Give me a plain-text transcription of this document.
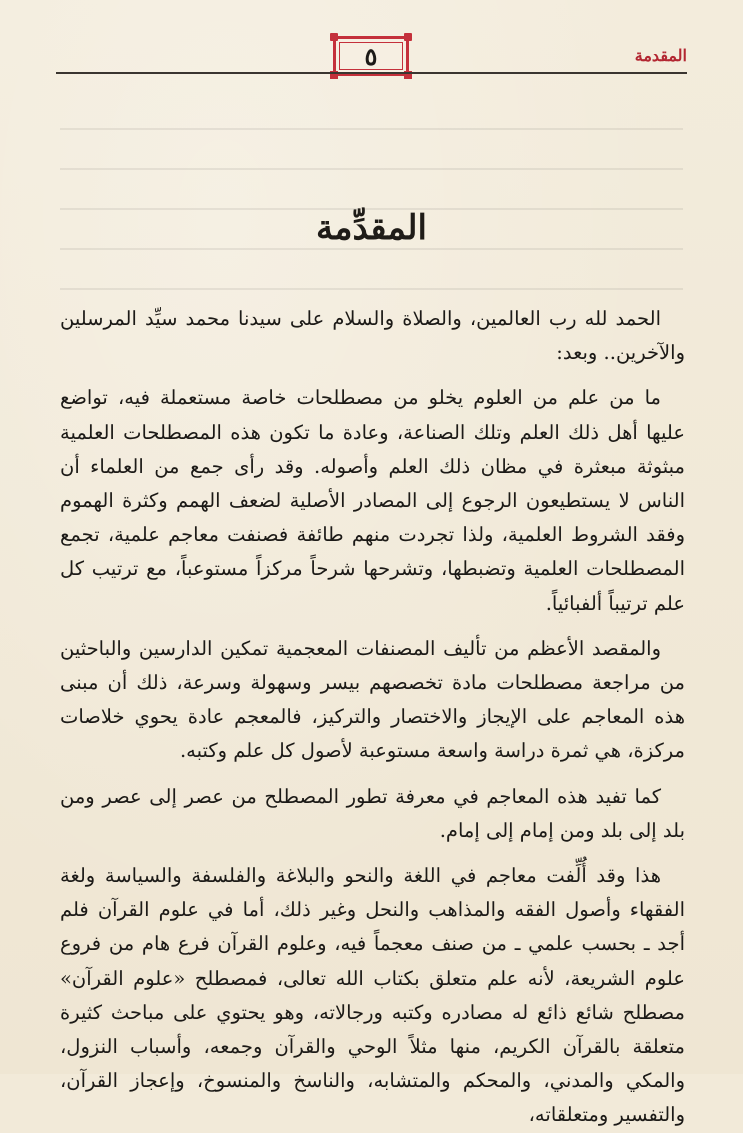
المقدمة
٥
المقدِّمة

الحمد لله رب العالمين، والصلاة والسلام على سيدنا محمد سيِّد المرسلين والآخرين.. وبعد:

ما من علم من العلوم يخلو من مصطلحات خاصة مستعملة فيه، تواضع عليها أهل ذلك العلم وتلك الصناعة، وعادة ما تكون هذه المصطلحات العلمية مبثوثة مبعثرة في مظان ذلك العلم وأصوله. وقد رأى جمع من العلماء أن الناس لا يستطيعون الرجوع إلى المصادر الأصلية لضعف الهمم وكثرة الهموم وفقد الشروط العلمية، ولذا تجردت منهم طائفة فصنفت معاجم علمية، تجمع المصطلحات العلمية وتضبطها، وتشرحها شرحاً مركزاً مستوعباً، مع ترتيب كل علم ترتيباً ألفبائياً.

والمقصد الأعظم من تأليف المصنفات المعجمية تمكين الدارسين والباحثين من مراجعة مصطلحات مادة تخصصهم بيسر وسهولة وسرعة، ذلك أن مبنى هذه المعاجم على الإيجاز والاختصار والتركيز، فالمعجم عادة يحوي خلاصات مركزة، هي ثمرة دراسة واسعة مستوعبة لأصول كل علم وكتبه.

كما تفيد هذه المعاجم في معرفة تطور المصطلح من عصر إلى عصر ومن بلد إلى بلد ومن إمام إلى إمام.

هذا وقد أُلِّفت معاجم في اللغة والنحو والبلاغة والفلسفة والسياسة ولغة الفقهاء وأصول الفقه والمذاهب والنحل وغير ذلك، أما في علوم القرآن فلم أجد ـ بحسب علمي ـ من صنف معجماً فيه، وعلوم القرآن فرع هام من فروع علوم الشريعة، لأنه علم متعلق بكتاب الله تعالى، فمصطلح «علوم القرآن» مصطلح شائع ذائع له مصادره وكتبه ورجالاته، وهو يحتوي على مباحث كثيرة متعلقة بالقرآن الكريم، منها مثلاً الوحي والقرآن وجمعه، وأسباب النزول، والمكي والمدني، والمحكم والمتشابه، والناسخ والمنسوخ، وإعجاز القرآن، والتفسير ومتعلقاته،
